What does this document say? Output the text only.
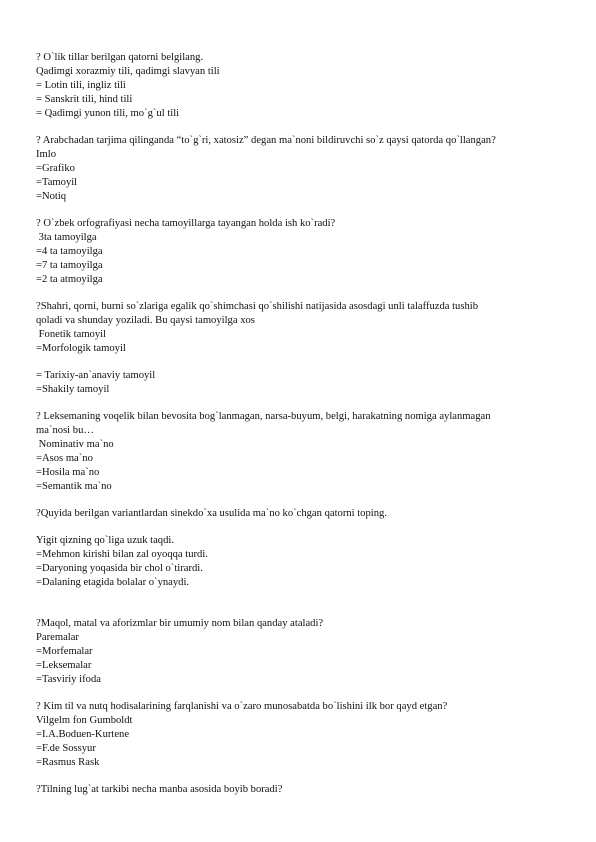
? O`lik tillar berilgan qatorni belgilang.
Qadimgi xorazmiy tili, qadimgi slavyan tili
= Lotin tili, ingliz tili
= Sanskrit tili, hind tili
= Qadimgi yunon tili, mo`g`ul tili
? Arabchadan tarjima qilinganda “to`g`ri, xatosiz” degan ma`noni bildiruvchi so`z qaysi qatorda qo`llangan?
Imlo
=Grafiko
=Tamoyil
=Notiq
? O`zbek orfografiyasi necha tamoyillarga tayangan holda ish ko`radi?
3ta tamoyilga
=4 ta tamoyilga
=7 ta tamoyilga
=2 ta atmoyilga
?Shahri, qorni, burni so`zlariga egalik qo`shimchasi qo`shilishi natijasida asosdagi unli talaffuzda tushib
qoladi va shunday yoziladi. Bu qaysi tamoyilga xos
Fonetik tamoyil
=Morfologik tamoyil
= Tarixiy-an`anaviy tamoyil
=Shakily tamoyil
? Leksemaning voqelik bilan bevosita bog`lanmagan, narsa-buyum, belgi, harakatning nomiga aylanmagan
ma`nosi bu…
Nominativ ma`no
=Asos ma`no
=Hosila ma`no
=Semantik ma`no
?Quyida berilgan variantlardan sinekdo`xa usulida ma`no ko`chgan qatorni toping.
Yigit qizning qo`liga uzuk taqdi.
=Mehmon kirishi bilan zal oyoqqa turdi.
=Daryoning yoqasida bir chol o`tirardi.
=Dalaning etagida bolalar o`ynaydi.
?Maqol, matal va aforizmlar bir umumiy nom bilan qanday ataladi?
Paremalar
=Morfemalar
=Leksemalar
=Tasviriy ifoda
? Kim til va nutq hodisalarining farqlanishi va o`zaro munosabatda bo`lishini ilk bor qayd etgan?
Vilgelm fon Gumboldt
=I.A.Boduen-Kurtene
=F.de Sossyur
=Rasmus Rask
?Tilning lug`at tarkibi necha manba asosida boyib boradi?
